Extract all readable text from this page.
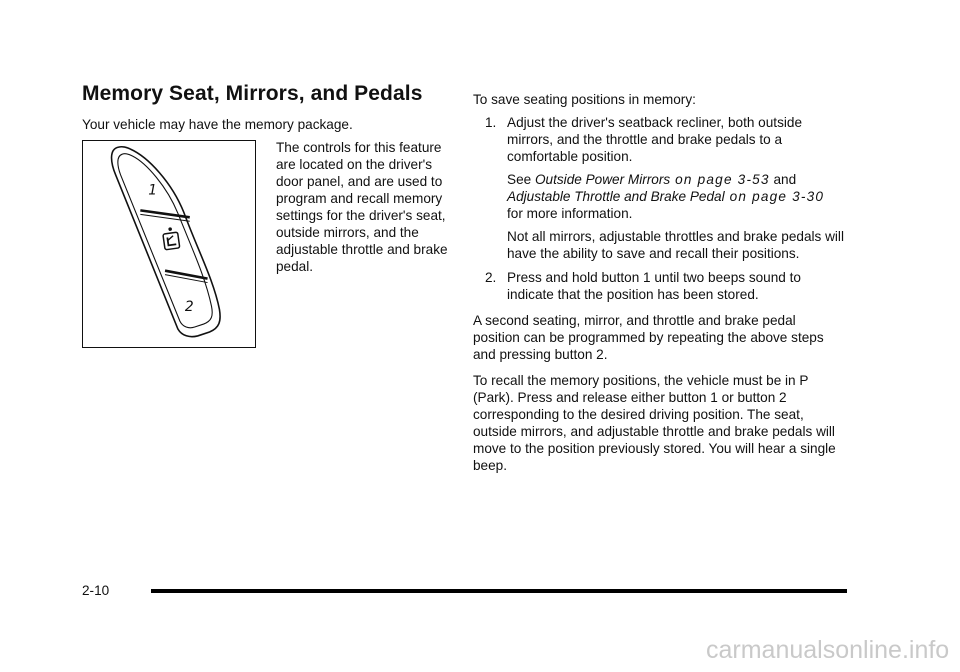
Memory Seat, Mirrors, and Pedals

Your vehicle may have the memory package.

1
2

The controls for this feature are located on the driver's door panel, and are used to program and recall memory settings for the driver's seat, outside mirrors, and the adjustable throttle and brake pedal.

To save seating positions in memory:

1. Adjust the driver's seatback recliner, both outside mirrors, and the throttle and brake pedals to a comfortable position.

See Outside Power Mirrors on page 3-53 and
Adjustable Throttle and Brake Pedal on page 3-30
for more information.

Not all mirrors, adjustable throttles and brake pedals will have the ability to save and recall their positions.

2. Press and hold button 1 until two beeps sound to indicate that the position has been stored.

A second seating, mirror, and throttle and brake pedal position can be programmed by repeating the above steps and pressing button 2.

To recall the memory positions, the vehicle must be in P (Park). Press and release either button 1 or button 2 corresponding to the desired driving position. The seat, outside mirrors, and adjustable throttle and brake pedals will move to the position previously stored. You will hear a single beep.

2-10
carmanualsonline.info
